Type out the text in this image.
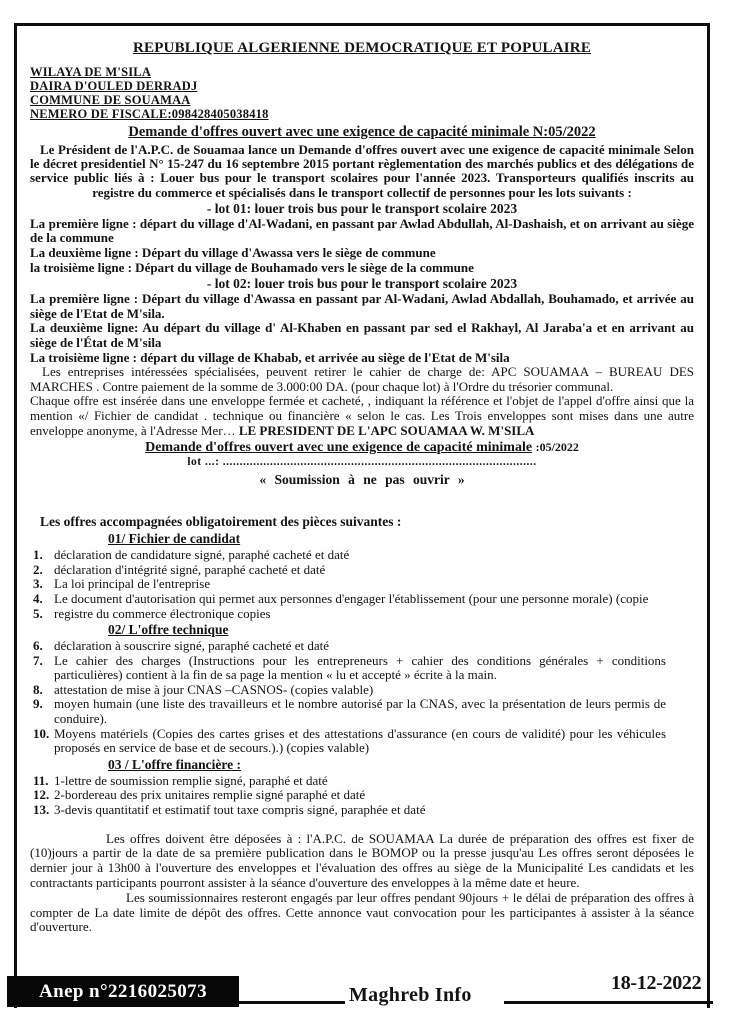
REPUBLIQUE ALGERIENNE DEMOCRATIQUE ET POPULAIRE
WILAYA DE M'SILA
DAIRA D'OULED DERRADJ
COMMUNE DE SOUAMAA
NEMERO DE FISCALE:098428405038418
Demande d'offres ouvert avec une exigence de capacité minimale N:05/2022
Le Président de l'A.P.C. de Souamaa lance un Demande d'offres ouvert avec une exigence de capacité minimale Selon le décret presidentiel N° 15-247 du 16 septembre 2015 portant règlementation des marchés publics et des délégations de service public liés à : Louer bus pour le transport scolaires pour l'année 2023. Transporteurs qualifiés inscrits au registre du commerce et spécialisés dans le transport collectif de personnes pour les lots suivants :
- lot 01: louer trois bus pour le transport scolaire 2023
La première ligne : départ du village d'Al-Wadani, en passant par Awlad Abdullah, Al-Dashaish, et on arrivant au siège de la commune
La deuxième ligne : Départ du village d'Awassa vers le siège de commune
la troisième ligne : Départ du village de Bouhamado vers le siège de la commune
- lot 02: louer trois bus pour le transport scolaire 2023
La première ligne : Départ du village d'Awassa en passant par Al-Wadani, Awlad Abdallah, Bouhamado, et arrivée au siège de l'Etat de M'sila.
La deuxième ligne: Au départ du village d' Al-Khaben en passant par sed el Rakhayl, Al Jaraba'a et en arrivant au siège de l'État de M'sila
La troisième ligne : départ du village de Khabab, et arrivée au siège de l'Etat de M'sila
Les entreprises intéressées spécialisées, peuvent retirer le cahier de charge de: APC SOUAMAA – BUREAU DES MARCHES . Contre paiement de la somme de 3.000:00 DA. (pour chaque lot) à l'Ordre du trésorier communal.
Chaque offre est insérée dans une enveloppe fermée et cacheté, , indiquant la référence et l'objet de l'appel d'offre ainsi que la mention «/ Fichier de candidat . technique ou financière « selon le cas. Les Trois enveloppes sont mises dans une autre enveloppe anonyme, à l'Adresse Mer… LE PRESIDENT DE L'APC SOUAMAA W. M'SILA
Demande d'offres ouvert avec une exigence de capacité minimale :05/2022
lot ...: .............................................................................................
« Soumission à ne pas ouvrir »
Les offres accompagnées obligatoirement des pièces suivantes :
01/ Fichier de candidat
1. déclaration de candidature signé, paraphé cacheté et daté
2. déclaration d'intégrité signé, paraphé cacheté et daté
3. La loi principal de l'entreprise
4. Le document d'autorisation qui permet aux personnes d'engager l'établissement (pour une personne morale) (copie
5. registre du commerce électronique copies
02/ L'offre technique
6. déclaration à souscrire signé, paraphé cacheté et daté
7. Le cahier des charges (Instructions pour les entrepreneurs + cahier des conditions générales + conditions particulières) contient à la fin de sa page la mention « lu et accepté » écrite à la main.
8. attestation de mise à jour CNAS –CASNOS- (copies valable)
9. moyen humain (une liste des travailleurs et le nombre autorisé par la CNAS, avec la présentation de leurs permis de conduire).
10. Moyens matériels (Copies des cartes grises et des attestations d'assurance (en cours de validité) pour les véhicules proposés en service de base et de secours.).) (copies valable)
03 / L'offre financière :
11. 1-lettre de soumission remplie signé, paraphé et daté
12. 2-bordereau des prix unitaires remplie signé paraphé et daté
13. 3-devis quantitatif et estimatif tout taxe compris signé, paraphée et daté
Les offres doivent être déposées à : l'A.P.C. de SOUAMAA La durée de préparation des offres est fixer de (10)jours a partir de la date de sa première publication dans le BOMOP ou la presse jusqu'au Les offres seront déposées le dernier jour à 13h00 à l'ouverture des enveloppes et l'évaluation des offres au siège de la Municipalité Les candidats et les contractants participants pourront assister à la séance d'ouverture des enveloppes à la même date et heure.
Les soumissionnaires resteront engagés par leur offres pendant 90jours + le délai de préparation des offres à compter de La date limite de dépôt des offres. Cette annonce vaut convocation pour les participantes à assister à la séance d'ouverture.
Anep n°2216025073	Maghreb Info
18-12-2022
